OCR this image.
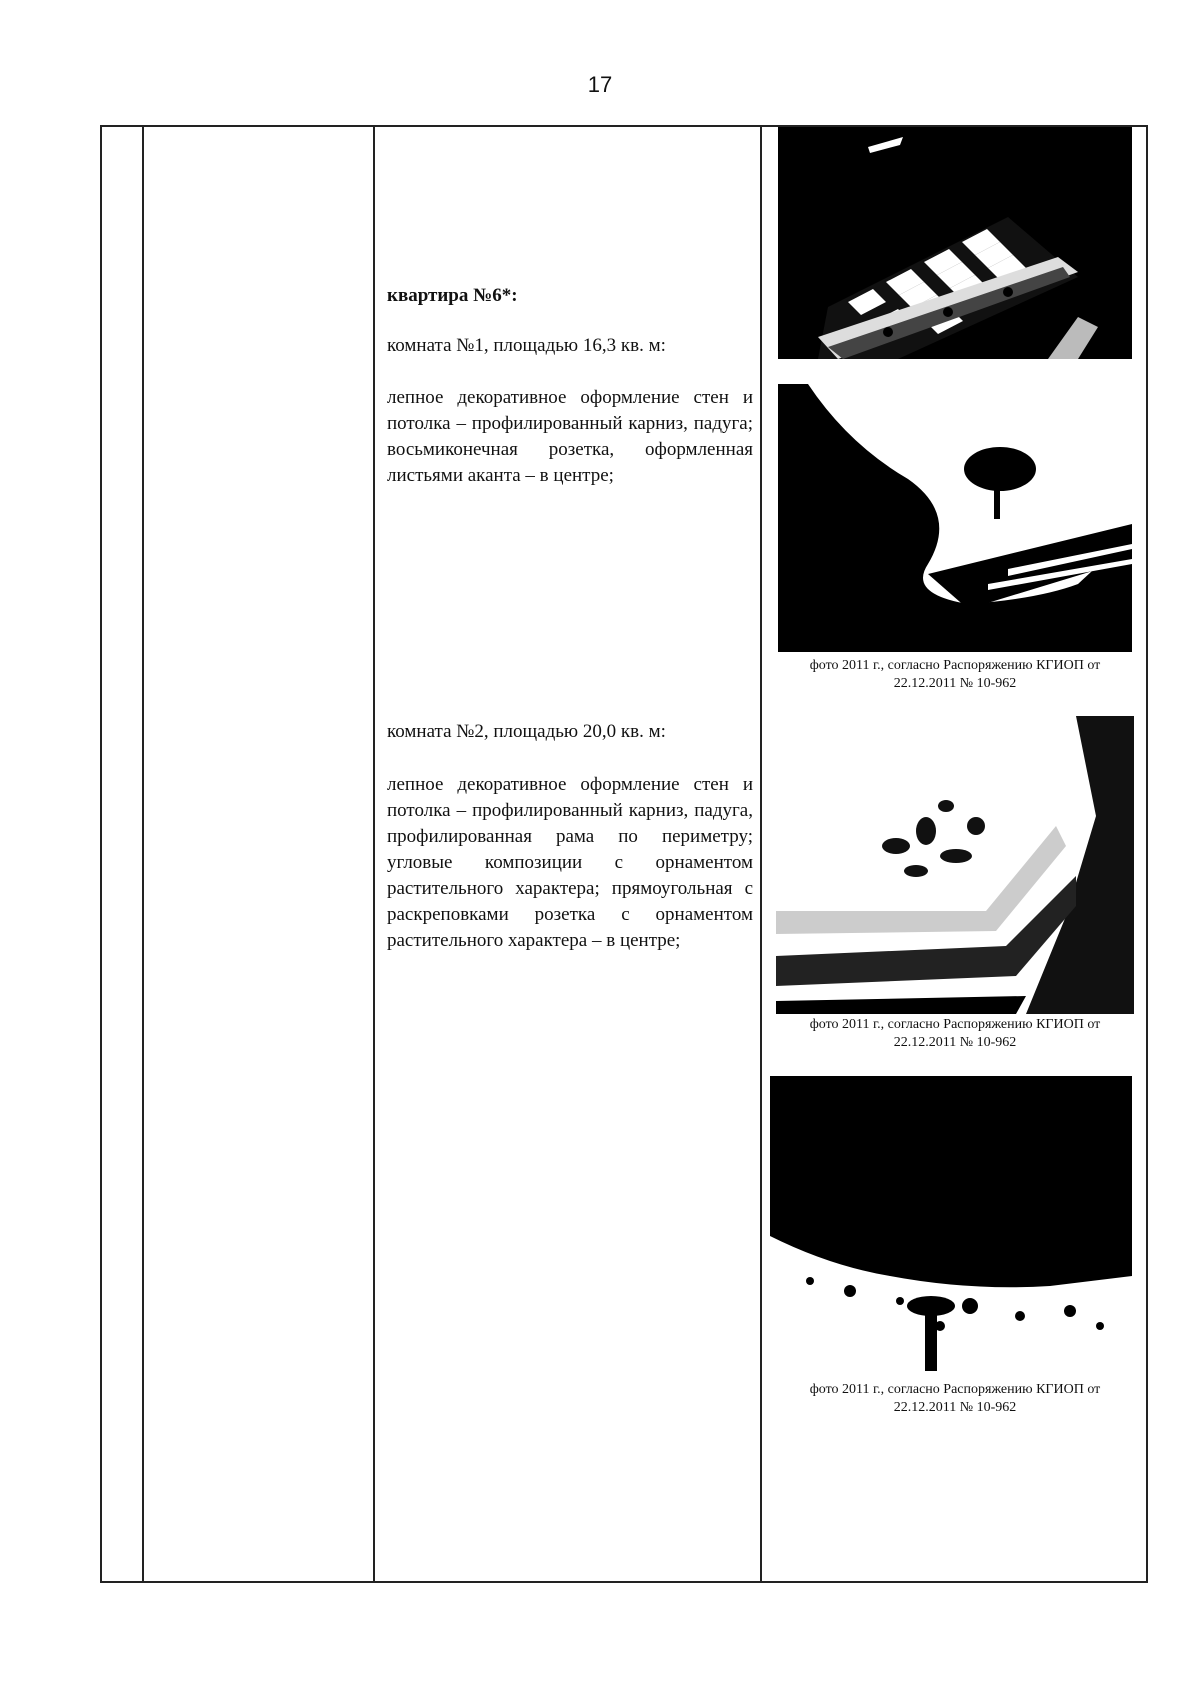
17

квартира №6*:

комната №1, площадью 16,3 кв. м:

лепное декоративное оформление стен и потолка – профилированный карниз, падуга; восьмиконечная розетка, оформленная листьями аканта – в центре;

комната №2, площадью 20,0 кв. м:

лепное декоративное оформление стен и потолка – профилированный карниз, падуга, профилированная рама по периметру; угловые композиции с орнаментом растительного характера; прямоугольная с раскреповками розетка с орнаментом растительного характера – в центре;

фото 2011 г., согласно Распоряжению КГИОП от
22.12.2011 № 10-962
фото 2011 г., согласно Распоряжению КГИОП от
22.12.2011 № 10-962
фото 2011 г., согласно Распоряжению КГИОП от
22.12.2011 № 10-962
